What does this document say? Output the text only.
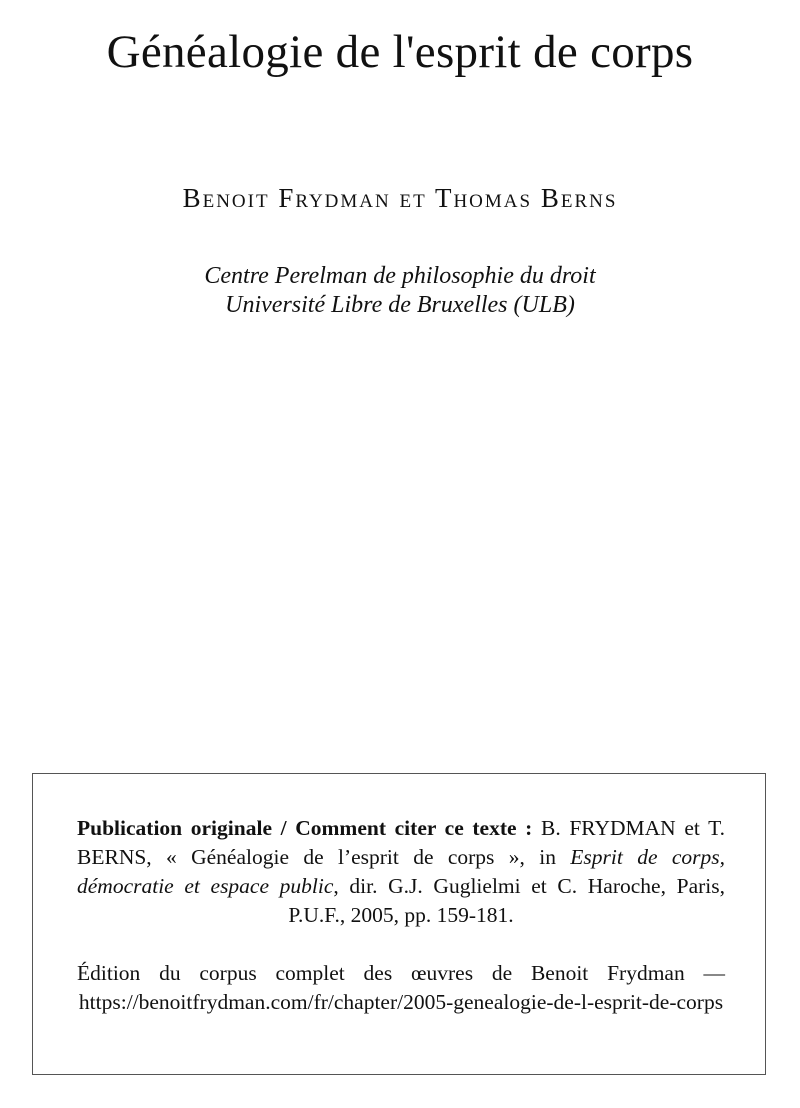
Généalogie de l'esprit de corps
Benoit Frydman et Thomas Berns
Centre Perelman de philosophie du droit
Université Libre de Bruxelles (ULB)

Publication originale / Comment citer ce texte : B. FRYDMAN et T. BERNS, « Généalogie de l’esprit de corps », in Esprit de corps, démocratie et espace public, dir. G.J. Guglielmi et C. Haroche, Paris, P.U.F., 2005, pp. 159-181.

Édition du corpus complet des œuvres de Benoit Frydman — https://benoitfrydman.com/fr/chapter/2005-genealogie-de-l-esprit-de-corps
